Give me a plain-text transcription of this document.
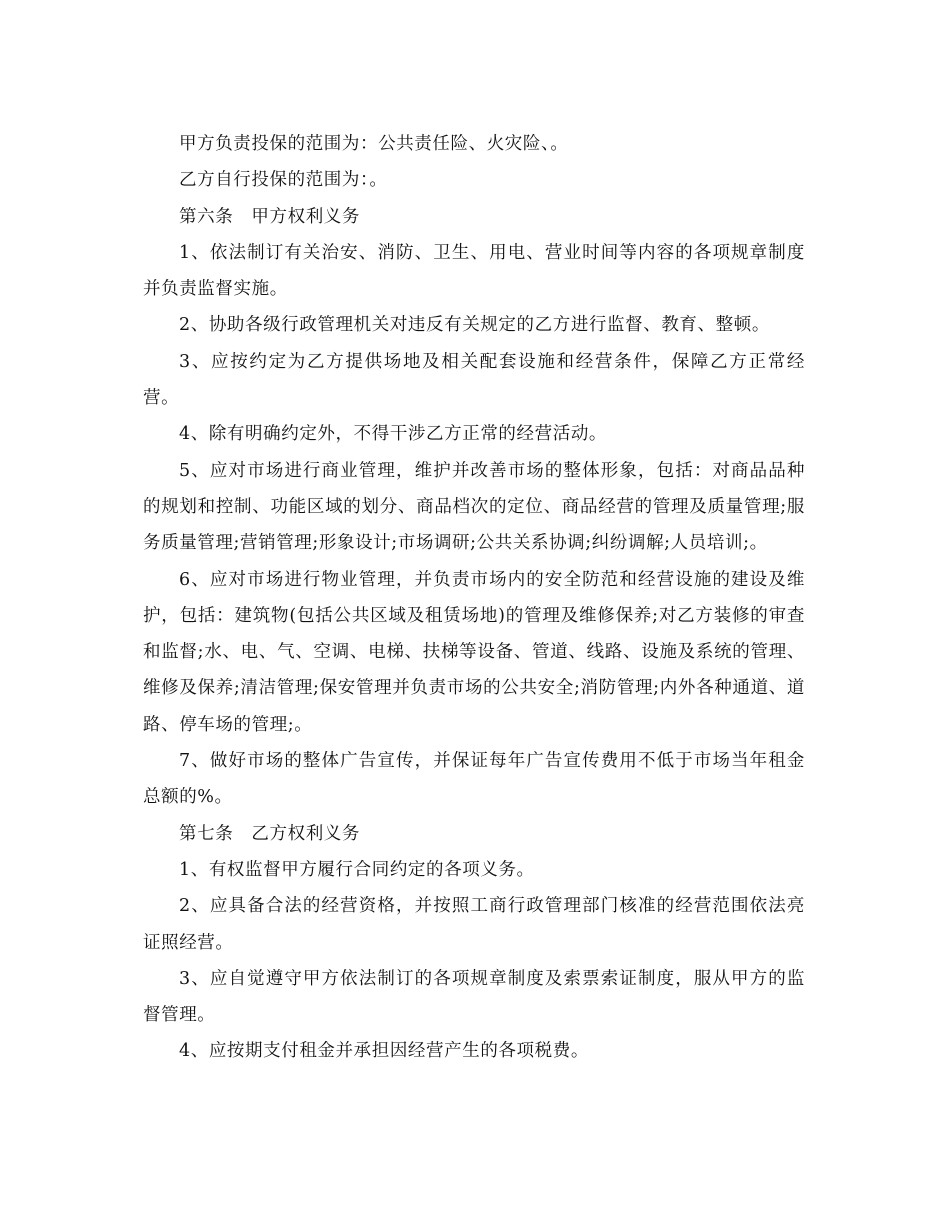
甲方负责投保的范围为：公共责任险、火灾险、。

乙方自行投保的范围为：。

第六条　甲方权利义务

1、依法制订有关治安、消防、卫生、用电、营业时间等内容的各项规章制度并负责监督实施。

2、协助各级行政管理机关对违反有关规定的乙方进行监督、教育、整顿。

3、应按约定为乙方提供场地及相关配套设施和经营条件，保障乙方正常经营。

4、除有明确约定外，不得干涉乙方正常的经营活动。

5、应对市场进行商业管理，维护并改善市场的整体形象，包括：对商品品种的规划和控制、功能区域的划分、商品档次的定位、商品经营的管理及质量管理;服务质量管理;营销管理;形象设计;市场调研;公共关系协调;纠纷调解;人员培训;。

6、应对市场进行物业管理，并负责市场内的安全防范和经营设施的建设及维护，包括：建筑物(包括公共区域及租赁场地)的管理及维修保养;对乙方装修的审查和监督;水、电、气、空调、电梯、扶梯等设备、管道、线路、设施及系统的管理、维修及保养;清洁管理;保安管理并负责市场的公共安全;消防管理;内外各种通道、道路、停车场的管理;。

7、做好市场的整体广告宣传，并保证每年广告宣传费用不低于市场当年租金总额的%。

第七条　乙方权利义务

1、有权监督甲方履行合同约定的各项义务。

2、应具备合法的经营资格，并按照工商行政管理部门核准的经营范围依法亮证照经营。

3、应自觉遵守甲方依法制订的各项规章制度及索票索证制度，服从甲方的监督管理。

4、应按期支付租金并承担因经营产生的各项税费。
